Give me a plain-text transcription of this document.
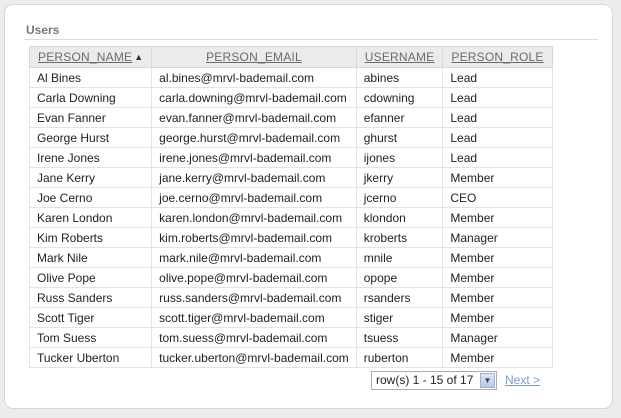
Users
PERSON_NAME ▲	PERSON_EMAIL	USERNAME	PERSON_ROLE
Al Bines	al.bines@mrvl-bademail.com	abines	Lead
Carla Downing	carla.downing@mrvl-bademail.com	cdowning	Lead
Evan Fanner	evan.fanner@mrvl-bademail.com	efanner	Lead
George Hurst	george.hurst@mrvl-bademail.com	ghurst	Lead
Irene Jones	irene.jones@mrvl-bademail.com	ijones	Lead
Jane Kerry	jane.kerry@mrvl-bademail.com	jkerry	Member
Joe Cerno	joe.cerno@mrvl-bademail.com	jcerno	CEO
Karen London	karen.london@mrvl-bademail.com	klondon	Member
Kim Roberts	kim.roberts@mrvl-bademail.com	kroberts	Manager
Mark Nile	mark.nile@mrvl-bademail.com	mnile	Member
Olive Pope	olive.pope@mrvl-bademail.com	opope	Member
Russ Sanders	russ.sanders@mrvl-bademail.com	rsanders	Member
Scott Tiger	scott.tiger@mrvl-bademail.com	stiger	Member
Tom Suess	tom.suess@mrvl-bademail.com	tsuess	Manager
Tucker Uberton	tucker.uberton@mrvl-bademail.com	ruberton	Member
row(s) 1 - 15 of 17	▼ Next >
